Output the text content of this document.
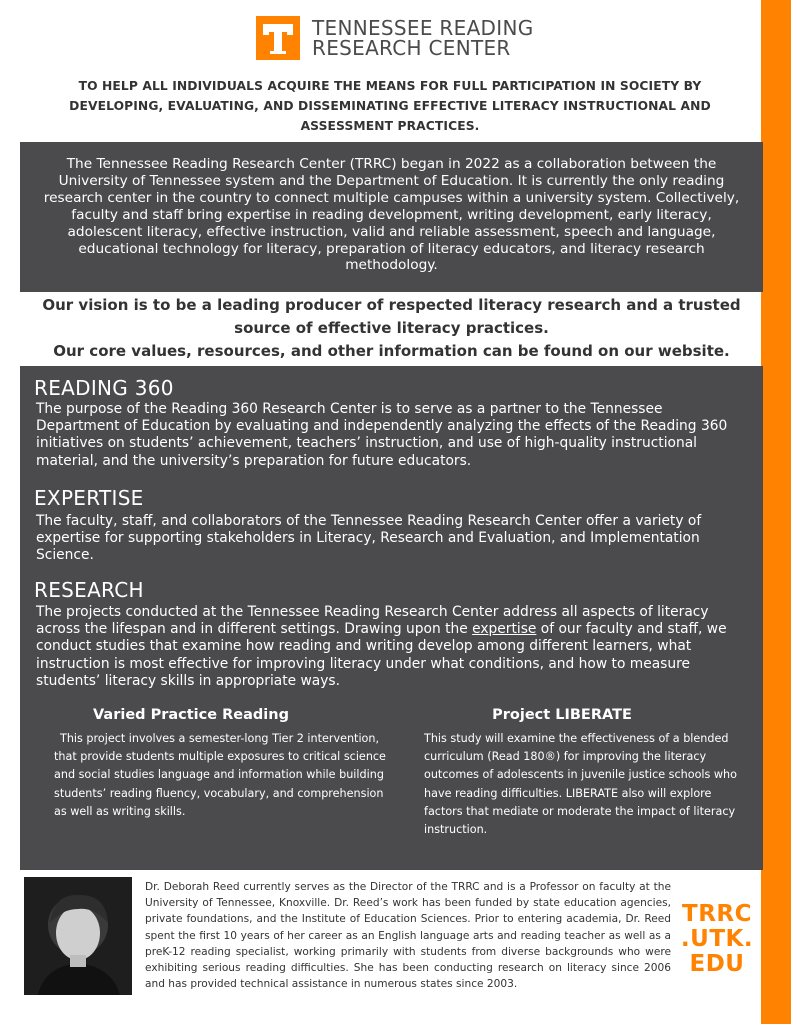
TENNESSEE READING
RESEARCH CENTER
TO HELP ALL INDIVIDUALS ACQUIRE THE MEANS FOR FULL PARTICIPATION IN SOCIETY BY DEVELOPING, EVALUATING, AND DISSEMINATING EFFECTIVE LITERACY INSTRUCTIONAL AND ASSESSMENT PRACTICES.
The Tennessee Reading Research Center (TRRC) began in 2022 as a collaboration between the University of Tennessee system and the Department of Education. It is currently the only reading research center in the country to connect multiple campuses within a university system. Collectively, faculty and staff bring expertise in reading development, writing development, early literacy, adolescent literacy, effective instruction, valid and reliable assessment, speech and language, educational technology for literacy, preparation of literacy educators, and literacy research methodology.
Our vision is to be a leading producer of respected literacy research and a trusted source of effective literacy practices.
Our core values, resources, and other information can be found on our website.
READING 360
The purpose of the Reading 360 Research Center is to serve as a partner to the Tennessee Department of Education by evaluating and independently analyzing the effects of the Reading 360 initiatives on students’ achievement, teachers’ instruction, and use of high-quality instructional material, and the university’s preparation for future educators.
EXPERTISE
The faculty, staff, and collaborators of the Tennessee Reading Research Center offer a variety of expertise for supporting stakeholders in Literacy, Research and Evaluation, and Implementation Science.
RESEARCH
The projects conducted at the Tennessee Reading Research Center address all aspects of literacy across the lifespan and in different settings. Drawing upon the expertise of our faculty and staff, we conduct studies that examine how reading and writing develop among different learners, what instruction is most effective for improving literacy under what conditions, and how to measure students’ literacy skills in appropriate ways.
Varied Practice Reading
This project involves a semester-long Tier 2 intervention, that provide students multiple exposures to critical science and social studies language and information while building students’ reading fluency, vocabulary, and comprehension as well as writing skills.
Project LIBERATE
This study will examine the effectiveness of a blended curriculum (Read 180®) for improving the literacy outcomes of adolescents in juvenile justice schools who have reading difficulties. LIBERATE also will explore factors that mediate or moderate the impact of literacy instruction.
Dr. Deborah Reed currently serves as the Director of the TRRC and is a Professor on faculty at the University of Tennessee, Knoxville. Dr. Reed’s work has been funded by state education agencies, private foundations, and the Institute of Education Sciences. Prior to entering academia, Dr. Reed spent the first 10 years of her career as an English language arts and reading teacher as well as a preK-12 reading specialist, working primarily with students from diverse backgrounds who were exhibiting serious reading difficulties. She has been conducting research on literacy since 2006 and has provided technical assistance in numerous states since 2003.
TRRC
.UTK.
EDU
